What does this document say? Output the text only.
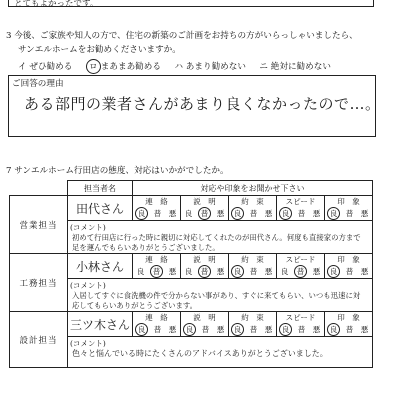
とてもよかったです。
3 今後、ご家族や知人の方で、住宅の新築のご計画をお持ちの方がいらっしゃいましたら、
サンエルホームをお勧めくださいますか。
イ ぜひ勧める ロ まあまあ勧める ハ あまり勧めない ニ 絶対に勧めない
ご回答の理由
ある部門の業者さんがあまり良くなかったので…。
7 サンエルホーム行田店の態度、対応はいかがでしたか。
	担当者名	対応や印象をお聞かせ下さい				
営業担当	田代さん	連　絡	説　明	約　束	スピード	印　象
		良 普 悪	良 普 悪	良 普 悪	良 普 悪	良 普 悪

	(コメント)
初めて行田店に行った時に親切に対応してくれたのが田代さん。何度も直接家の方まで足を運んでもらいありがとうございました。					

工務担当	小林さん	連　絡	説　明	約　束	スピード	印　象
		良 普 悪	良 普 悪	良 普 悪	良 普 悪	良 普 悪

	(コメント)
入居してすぐに食洗機の件で分からない事があり、すぐに来てもらい、いつも迅速に対応してもらいありがとうございます。					

設計担当	三ツ木さん	連　絡	説　明	約　束	スピード	印　象
		良 普 悪	良 普 悪	良 普 悪	良 普 悪	良 普 悪

	(コメント)
色々と悩んでいる時にたくさんのアドバイスありがとうございました。					
